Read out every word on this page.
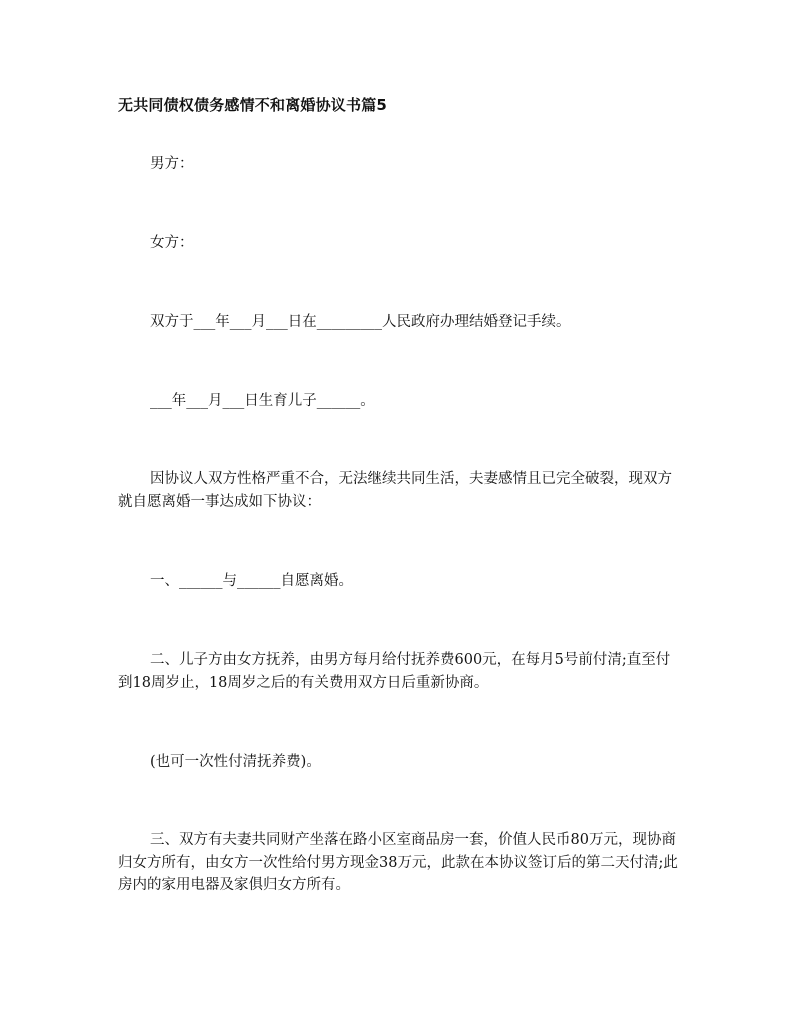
无共同债权债务感情不和离婚协议书篇5
男方：
女方：
双方于___年___月___日在_________人民政府办理结婚登记手续。
___年___月___日生育儿子______。
因协议人双方性格严重不合，无法继续共同生活，夫妻感情且已完全破裂，现双方就自愿离婚一事达成如下协议：
一、______与______自愿离婚。
二、儿子方由女方抚养，由男方每月给付抚养费600元，在每月5号前付清;直至付到18周岁止，18周岁之后的有关费用双方日后重新协商。
(也可一次性付清抚养费)。
三、双方有夫妻共同财产坐落在路小区室商品房一套，价值人民币80万元，现协商归女方所有，由女方一次性给付男方现金38万元，此款在本协议签订后的第二天付清;此房内的家用电器及家俱归女方所有。
